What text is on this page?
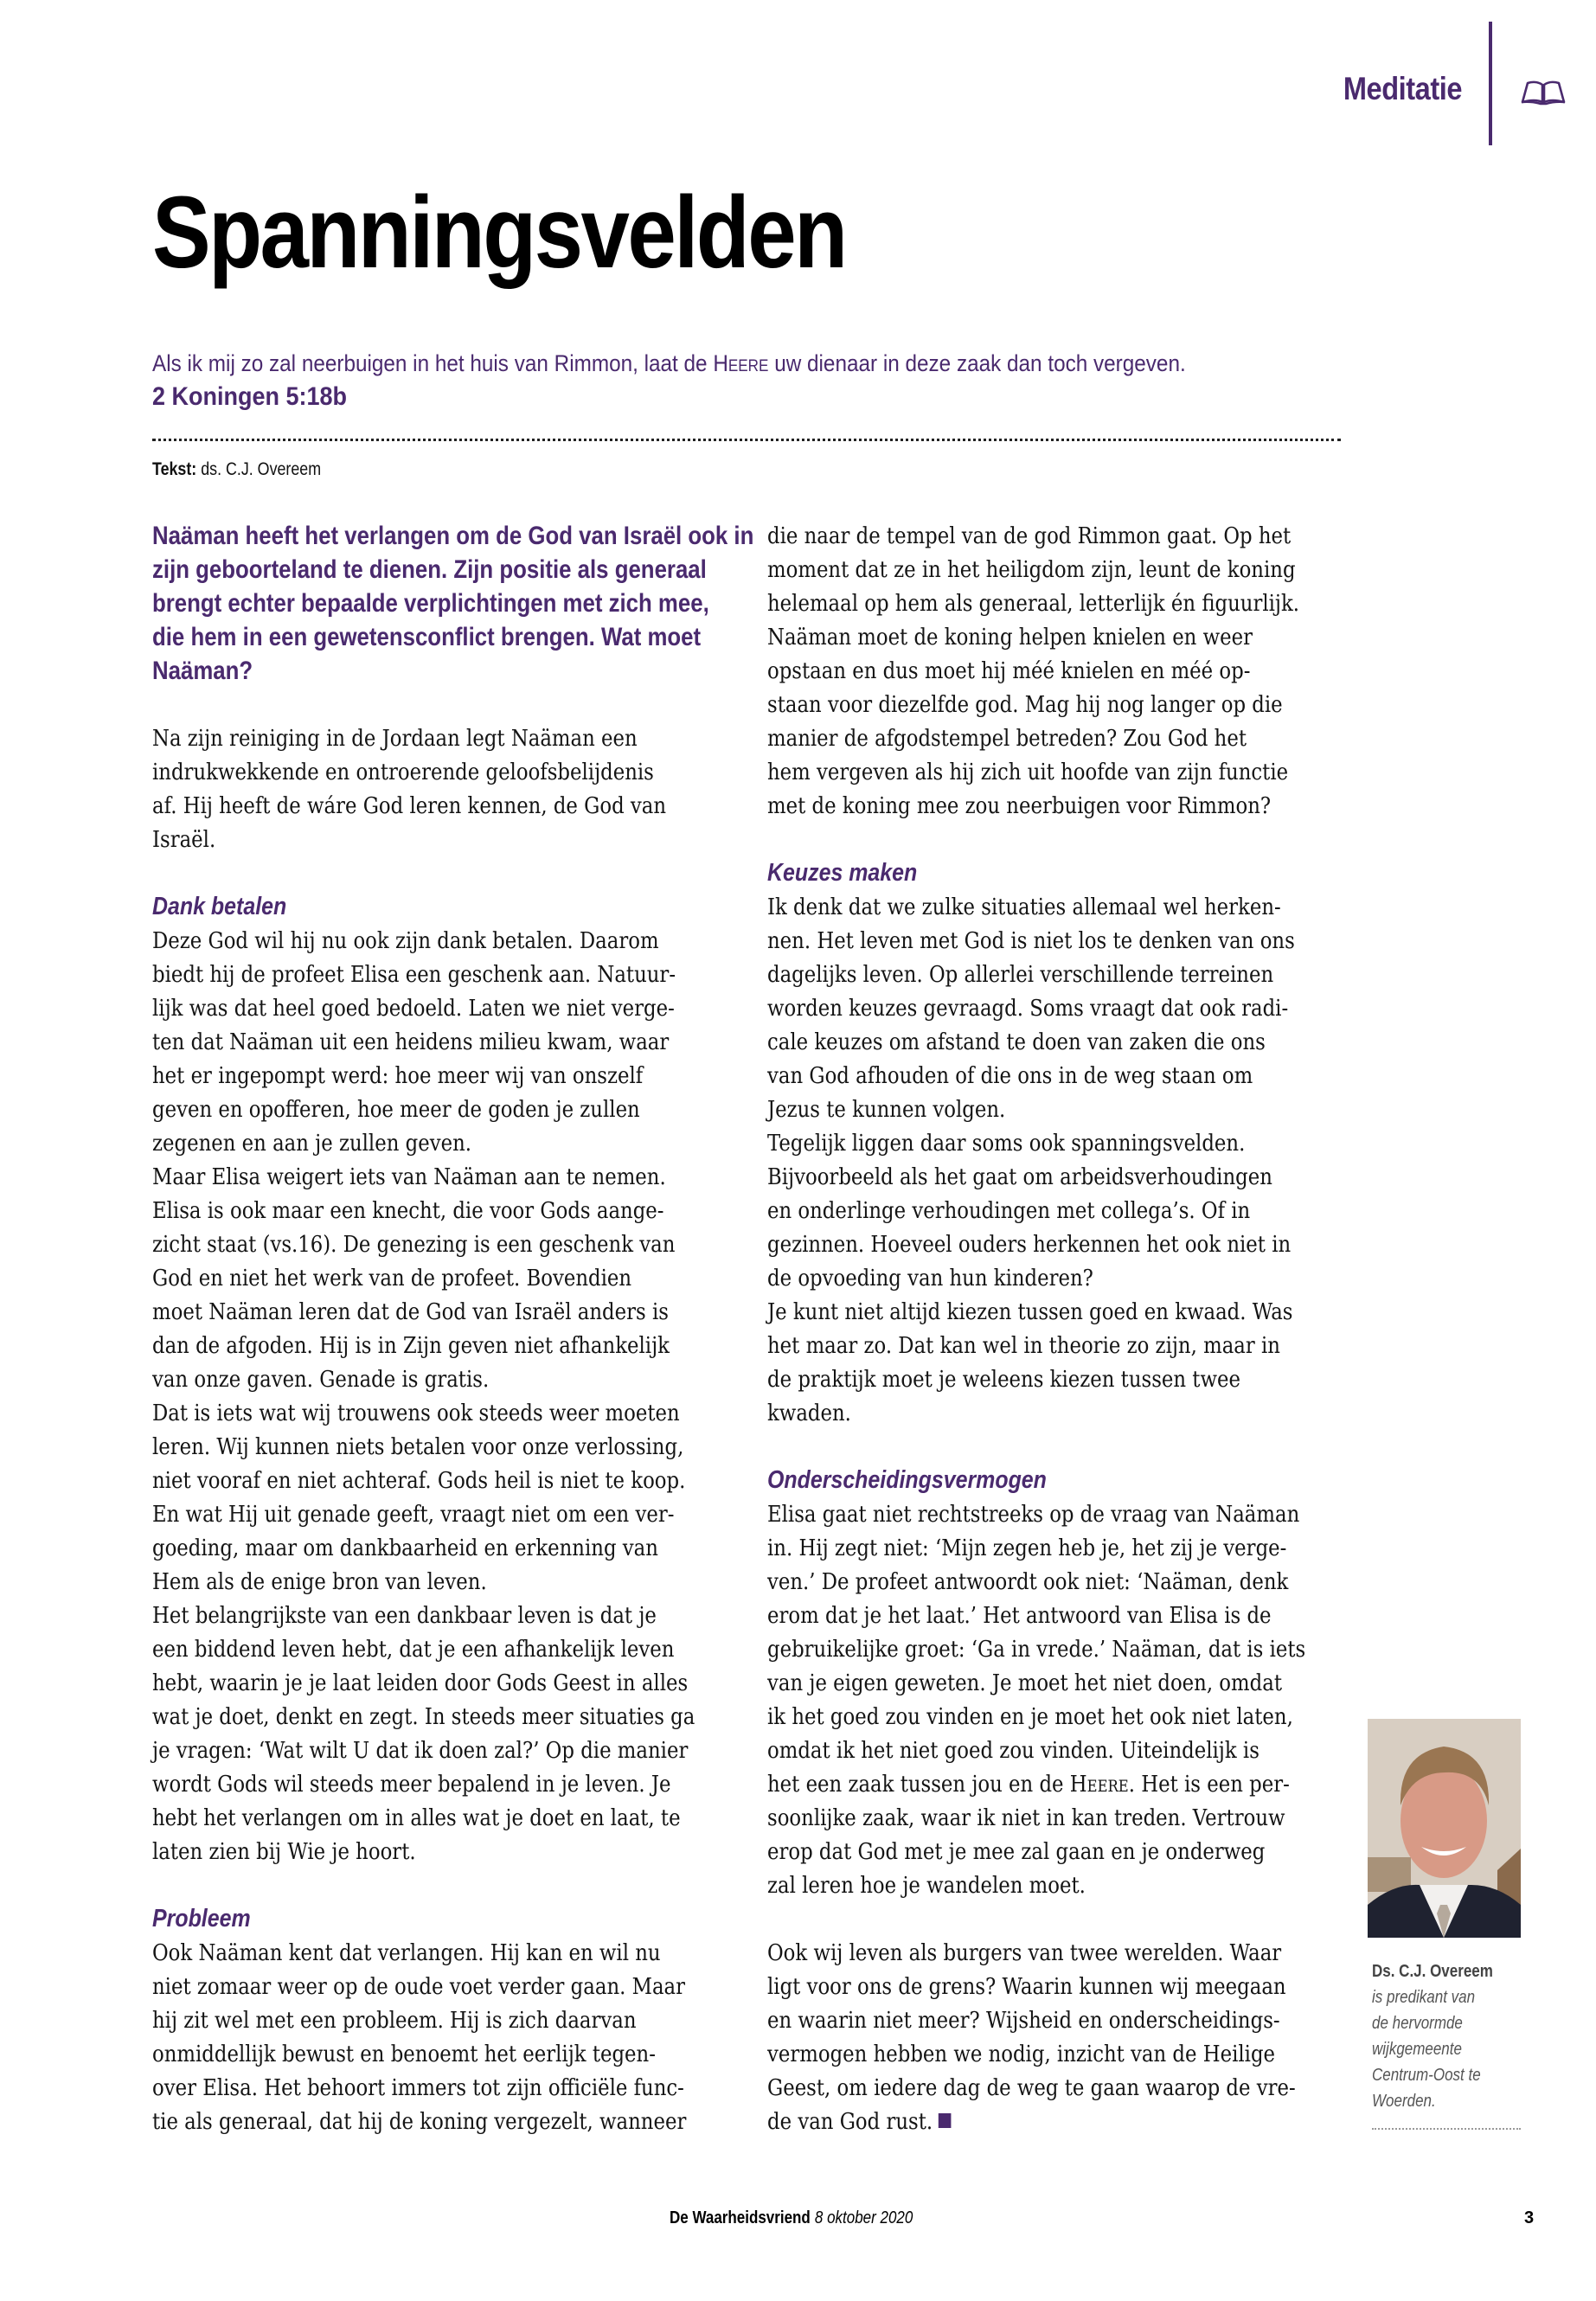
Meditatie
Spanningsvelden
Als ik mij zo zal neerbuigen in het huis van Rimmon, laat de Heere uw dienaar in deze zaak dan toch vergeven.
2 Koningen 5:18b
Tekst: ds. C.J. Overeem
Naäman heeft het verlangen om de God van Israël ook in
zijn geboorteland te dienen. Zijn positie als generaal
brengt echter bepaalde verplichtingen met zich mee,
die hem in een gewetensconflict brengen. Wat moet
Naäman?
Na zijn reiniging in de Jordaan legt Naäman een
indrukwekkende en ontroerende geloofsbelijdenis
af. Hij heeft de wáre God leren kennen, de God van
Israël.
Dank betalen
Deze God wil hij nu ook zijn dank betalen. Daarom
biedt hij de profeet Elisa een geschenk aan. Natuur-
lijk was dat heel goed bedoeld. Laten we niet verge-
ten dat Naäman uit een heidens milieu kwam, waar
het er ingepompt werd: hoe meer wij van onszelf
geven en opofferen, hoe meer de goden je zullen
zegenen en aan je zullen geven.
Maar Elisa weigert iets van Naäman aan te nemen.
Elisa is ook maar een knecht, die voor Gods aange-
zicht staat (vs.16). De genezing is een geschenk van
God en niet het werk van de profeet. Bovendien
moet Naäman leren dat de God van Israël anders is
dan de afgoden. Hij is in Zijn geven niet afhankelijk
van onze gaven. Genade is gratis.
Dat is iets wat wij trouwens ook steeds weer moeten
leren. Wij kunnen niets betalen voor onze verlossing,
niet vooraf en niet achteraf. Gods heil is niet te koop.
En wat Hij uit genade geeft, vraagt niet om een ver-
goeding, maar om dankbaarheid en erkenning van
Hem als de enige bron van leven.
Het belangrijkste van een dankbaar leven is dat je
een biddend leven hebt, dat je een afhankelijk leven
hebt, waarin je je laat leiden door Gods Geest in alles
wat je doet, denkt en zegt. In steeds meer situaties ga
je vragen: ‘Wat wilt U dat ik doen zal?’ Op die manier
wordt Gods wil steeds meer bepalend in je leven. Je
hebt het verlangen om in alles wat je doet en laat, te
laten zien bij Wie je hoort.
Probleem
Ook Naäman kent dat verlangen. Hij kan en wil nu
niet zomaar weer op de oude voet verder gaan. Maar
hij zit wel met een probleem. Hij is zich daarvan
onmiddellijk bewust en benoemt het eerlijk tegen-
over Elisa. Het behoort immers tot zijn officiële func-
tie als generaal, dat hij de koning vergezelt, wanneer
die naar de tempel van de god Rimmon gaat. Op het
moment dat ze in het heiligdom zijn, leunt de koning
helemaal op hem als generaal, letterlijk én figuurlijk.
Naäman moet de koning helpen knielen en weer
opstaan en dus moet hij méé knielen en méé op-
staan voor diezelfde god. Mag hij nog langer op die
manier de afgodstempel betreden? Zou God het
hem vergeven als hij zich uit hoofde van zijn functie
met de koning mee zou neerbuigen voor Rimmon?
Keuzes maken
Ik denk dat we zulke situaties allemaal wel herken-
nen. Het leven met God is niet los te denken van ons
dagelijks leven. Op allerlei verschillende terreinen
worden keuzes gevraagd. Soms vraagt dat ook radi-
cale keuzes om afstand te doen van zaken die ons
van God afhouden of die ons in de weg staan om
Jezus te kunnen volgen.
Tegelijk liggen daar soms ook spanningsvelden.
Bijvoorbeeld als het gaat om arbeidsverhoudingen
en onderlinge verhoudingen met collega’s. Of in
gezinnen. Hoeveel ouders herkennen het ook niet in
de opvoeding van hun kinderen?
Je kunt niet altijd kiezen tussen goed en kwaad. Was
het maar zo. Dat kan wel in theorie zo zijn, maar in
de praktijk moet je weleens kiezen tussen twee
kwaden.
Onderscheidingsvermogen
Elisa gaat niet rechtstreeks op de vraag van Naäman
in. Hij zegt niet: ‘Mijn zegen heb je, het zij je verge-
ven.’ De profeet antwoordt ook niet: ‘Naäman, denk
erom dat je het laat.’ Het antwoord van Elisa is de
gebruikelijke groet: ‘Ga in vrede.’ Naäman, dat is iets
van je eigen geweten. Je moet het niet doen, omdat
ik het goed zou vinden en je moet het ook niet laten,
omdat ik het niet goed zou vinden. Uiteindelijk is
het een zaak tussen jou en de Heere. Het is een per-
soonlijke zaak, waar ik niet in kan treden. Vertrouw
erop dat God met je mee zal gaan en je onderweg
zal leren hoe je wandelen moet.
Ook wij leven als burgers van twee werelden. Waar
ligt voor ons de grens? Waarin kunnen wij meegaan
en waarin niet meer? Wijsheid en onderscheidings-
vermogen hebben we nodig, inzicht van de Heilige
Geest, om iedere dag de weg te gaan waarop de vre-
de van God rust.
Ds. C.J. Overeem
is predikant van
de hervormde
wijkgemeente
Centrum-Oost te
Woerden.
De Waarheidsvriend 8 oktober 2020	3
